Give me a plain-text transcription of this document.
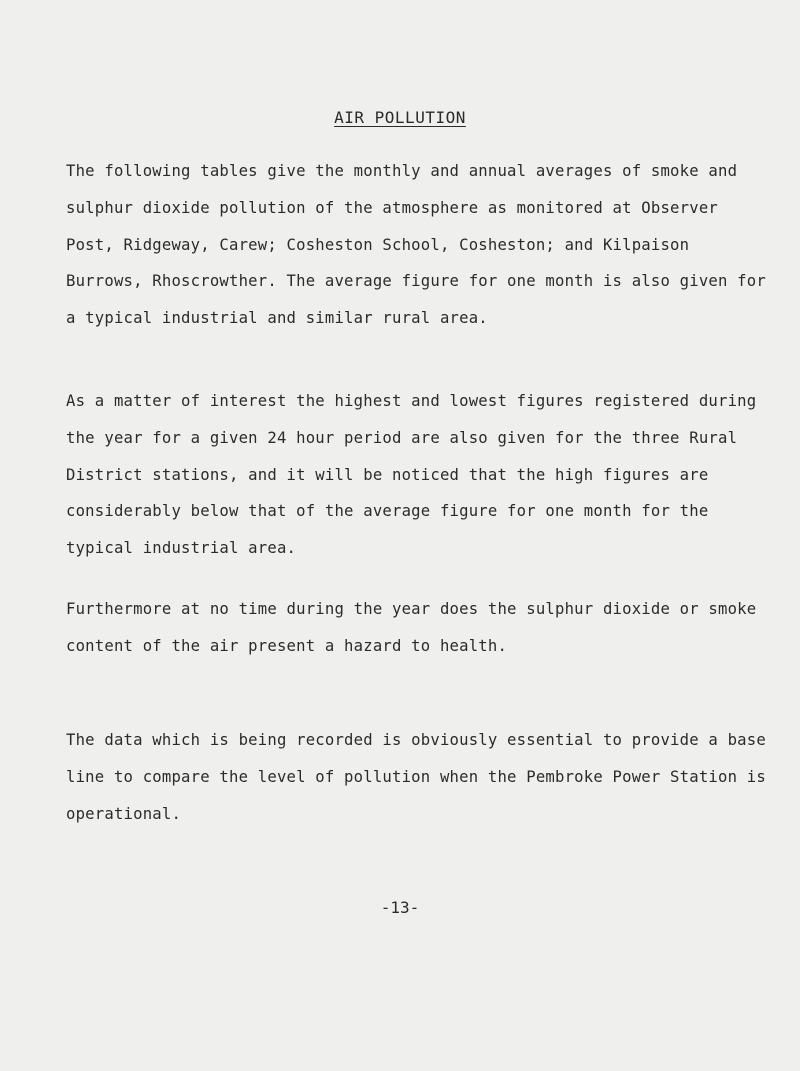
AIR POLLUTION

The following tables give the monthly and annual averages of smoke and sulphur dioxide pollution of the atmosphere as monitored at Observer Post, Ridgeway, Carew; Cosheston School, Cosheston; and Kilpaison Burrows, Rhoscrowther. The average figure for one month is also given for a typical industrial and similar rural area.

As a matter of interest the highest and lowest figures registered during the year for a given 24 hour period are also given for the three Rural District stations, and it will be noticed that the high figures are considerably below that of the average figure for one month for the typical industrial area.

Furthermore at no time during the year does the sulphur dioxide or smoke content of the air present a hazard to health.

The data which is being recorded is obviously essential to provide a base line to compare the level of pollution when the Pembroke Power Station is operational.

-13-
